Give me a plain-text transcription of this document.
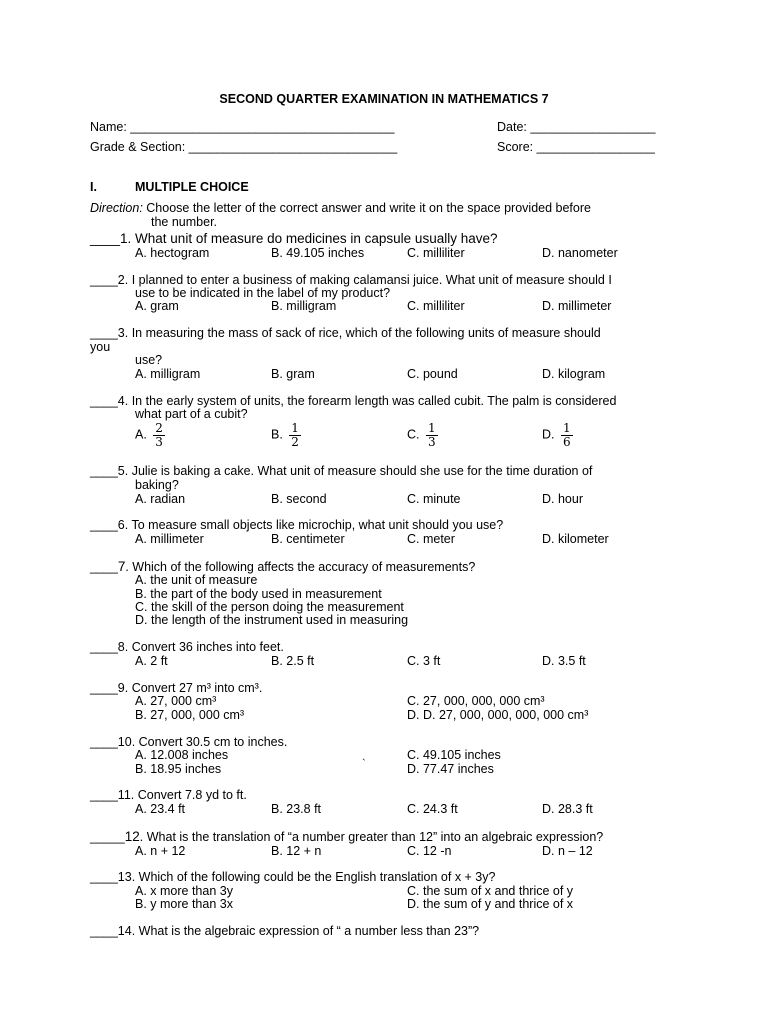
SECOND QUARTER EXAMINATION IN MATHEMATICS 7
Name: ______________________________________	Date: __________________
Grade & Section: ______________________________	Score: _________________
I.	MULTIPLE CHOICE
Direction: Choose the letter of the correct answer and write it on the space provided before
the number.
____1. What unit of measure do medicines in capsule usually have?
A. hectogram	B. 49.105 inches	C. milliliter	D. nanometer
____2. I planned to enter a business of making calamansi juice. What unit of measure should I
use to be indicated in the label of my product?
A. gram	B. milligram	C. milliliter	D. millimeter
____3. In measuring the mass of sack of rice, which of the following units of measure should
you
use?
A. milligram	B. gram	C. pound	D. kilogram
____4. In the early system of units, the forearm length was called cubit. The palm is considered
what part of a cubit?
A. $\frac{2}{3}$	B. $\frac{1}{2}$	C. $\frac{1}{3}$	D. $\frac{1}{6}$
____5. Julie is baking a cake. What unit of measure should she use for the time duration of
baking?
A. radian	B. second	C. minute	D. hour
____6. To measure small objects like microchip, what unit should you use?
A. millimeter	B. centimeter	C. meter	D. kilometer
____7. Which of the following affects the accuracy of measurements?
A. the unit of measure
B. the part of the body used in measurement
C. the skill of the person doing the measurement
D. the length of the instrument used in measuring
____8. Convert 36 inches into feet.
A. 2 ft	B. 2.5 ft	C. 3 ft	D. 3.5 ft
____9. Convert 27 m³ into cm³.
A. 27, 000 cm³	C. 27, 000, 000, 000 cm³
B. 27, 000, 000 cm³	D. D. 27, 000, 000, 000, 000 cm³
____10. Convert 30.5 cm to inches.
A. 12.008 inches	C. 49.105 inches
B. 18.95 inches	`	D. 77.47 inches
____11. Convert 7.8 yd to ft.
A. 23.4 ft	B. 23.8 ft	C. 24.3 ft	D. 28.3 ft
_____12. What is the translation of “a number greater than 12” into an algebraic expression?
A. n + 12	B. 12 + n	C. 12 -n	D. n – 12
____13. Which of the following could be the English translation of x + 3y?
A. x more than 3y	C. the sum of x and thrice of y
B. y more than 3x	D. the sum of y and thrice of x
____14. What is the algebraic expression of “ a number less than 23”?
